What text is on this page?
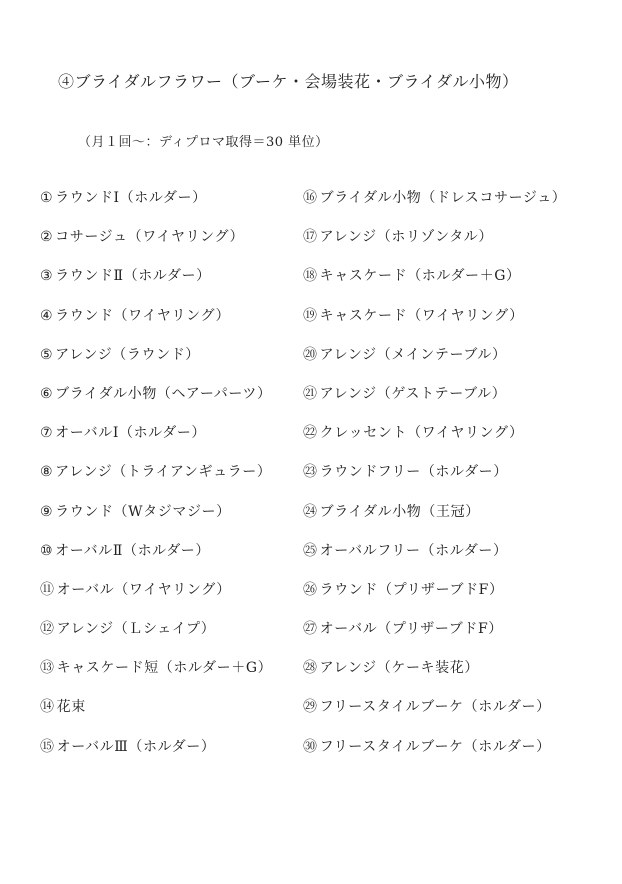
④ブライダルフラワー（ブーケ・会場装花・ブライダル小物）
（月１回～：ディプロマ取得＝30 単位）
① ラウンドⅠ（ホルダー）
② コサージュ（ワイヤリング）
③ ラウンドⅡ（ホルダー）
④ ラウンド（ワイヤリング）
⑤ アレンジ（ラウンド）
⑥ ブライダル小物（ヘアーパーツ）
⑦ オーバルⅠ（ホルダー）
⑧ アレンジ（トライアンギュラー）
⑨ ラウンド（Wタジマジー）
⑩ オーバルⅡ（ホルダー）
⑪ オーバル（ワイヤリング）
⑫ アレンジ（Ｌシェイプ）
⑬ キャスケード短（ホルダー＋G）
⑭ 花束
⑮ オーバルⅢ（ホルダー）
⑯ ブライダル小物（ドレスコサージュ）
⑰ アレンジ（ホリゾンタル）
⑱ キャスケード（ホルダー＋G）
⑲ キャスケード（ワイヤリング）
⑳ アレンジ（メインテーブル）
㉑ アレンジ（ゲストテーブル）
㉒ クレッセント（ワイヤリング）
㉓ ラウンドフリー（ホルダー）
㉔ ブライダル小物（王冠）
㉕ オーバルフリー（ホルダー）
㉖ ラウンド（プリザーブドF）
㉗ オーバル（プリザーブドF）
㉘ アレンジ（ケーキ装花）
㉙ フリースタイルブーケ（ホルダー）
㉚ フリースタイルブーケ（ホルダー）
